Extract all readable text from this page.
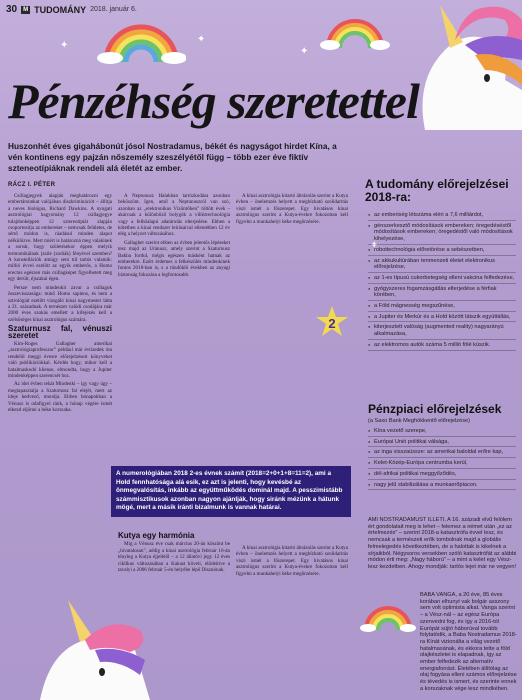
30	M TUDOMÁNY 2018. január 6.
✦
✦
✦
✦
Pénzéhség szeretettel
Huszonhét éves gigahábonút jósol Nostradamus, békét és nagyságot hirdet Kína, a vén kontinens egy pajzán nőszemély szeszélyétől függ – több ezer éve fiktív szteneotípiáknak rendeli alá életét az ember.
RÁCZ I. PÉTER

Csillagjegyek alapján meghatározni egy embertársunkat valójában diszkriminációt – állítja a neves biológus, Richard Dawkins. A nyugati asztrológiai hagyomány 12 csillagjegye tulajdonképpen 12 sztereotípiát alapján csoportosítja az embereket – nemcsak felületes, de sértő módon is, ráadásul minden alapot nélkülözve. Mert miért is határozná meg valakinek a sorsát, hogy születésekor éppen melyik termomikálnak (zsile (zodiák) fényével szemben? A konstellációk amúgy sem túl tartós valamik: millió évvel ezelőtt az egyik emberős, a Homo erectus egészen más csillagképet figyelhetett meg egy derült, éjszakai égen.

Persze nem mindenkit zavar a csillagok összevisszasága: minő Homo sapiens, és nem a sztrológiát ezelőtt vizsgáló kínai nagymester látta a 21. századnak. A ternészet valódi csodájára már 2000 éves szokás emellett a kifejezés kell a szélsőséges kínai asztrológus számára.

Szaturnusz fal, vénuszi szeretet

Kim-Roges Gallagher amerikai „asztrológiaprofesszor” például már évtizedek óta rendelöl meggi évesre előrejelzéseit könyveket való publikációkkal. Kérdés hogy, mikor kell a hatalmaskodó kliense, elmondta, hogy a Jupiter mindenképpen szerencsét hoz.

Az idei évben tehát Mindenki – így vagy úgy – megtapasztalja a Szaturnusz fal elejét, mert az ideje kedvező, mondja. Ebben hónapokban a Vénusz is odafigyel ránk, a hónap végére ismét elkezd eljönni a béke korszaka.

A Neptunusz Halakban tartózkodása azonban beköszönt. Igen, amíl a Neptunuszról van szó, azonban az „elektronikus Vízöntőben” töltött évek – akárcsak a különböző bolygók a villéztechnológia vagy a felhőalapú adatárolás elterjedése. Ebben a kötetben a kínai rendszer leírásaival ellentétben 12 év elég a helyzet változásához.

Gallagher szerint ebben az évben jelentős lépéseket tesz majd az Uránusz, amely szerint a Szaturnusz Bakba fordul, mégis egészen másként hatnak az emberekre. Ezért érdemes a felkészülés mindenkinek fontos 2018-ban is, s a tündöklő években az anyagi biztonság fokozása a legfontosabb.

A kínai asztrológia kitartó ábrázolás szerint a Kutya évben – önelemzés helyett a megbízható szolidaritás viszi ismét a főszerepet. Egy hivatásos kínai asztrológus szerint a Kutya-évekre fokozottan kell figyelni a munkahelyi béke megőrzésére.

A numerológiában 2018 2-es évnek számít (2018=2+0+1+8=11=2), ami a Hold fennhatósága alá esik, ez azt is jelenti, hogy kevésbé az önmegvalósítás, inkább az együttműködés dominál majd. A pesszimistább számmisztikusok azonban nagyon ajánlják, hogy siránk mézünk a hátunk mögé, mert a másik iránti bizalmunk is vannak határai.
Kutya egy harmónia

Míg a Vénusz éve csak március 20-án köszönt be „hivatalosan”, addig a kínai asztrológia február 16-án tényleg a Kutya éjjelétől – a 12 állatövi jegy 12 éves ciklikus változásában a Kakast követi, elődeitive a tavalyi a 2006 február 5-én helyébe lépő Disznónak.

A kínai asztrológia kitartó ábrázolás szerint a Kutya évben – önelemzés helyett a megbízható szolidaritás viszi ismét a főszerepet. Egy hivatásos kínai asztrológus szerint a Kutya-évekre fokozottan kell figyelni a munkahelyi béke megőrzésére.

2
A tudomány előrejelzései 2018-ra:
● az emberiség létszáma eléri a 7,6 milliárdot,
● génszerkesztő módosítások embereken; öregedéséstől módosítások embereken; öregedéstől való módosítások kihelyezése,
● robottechnológia előretörése a sebészetben,
● az akkukultúrában tenmenzeti életet elektronikus előrejelzése,
● az 1-es típusú cukorbetegség elleni vakcina felfedezése,
● gyógyszeres fogamzásgátlás elterjedése a férfiak körében,
● a Föld mágnesség megszűnése,
● a Jupiter és Merkúr és a Hold között látszik együttállás,
● kiterjesztett valóság (augmented reality) nagyarányú alkalmazása,
● az elektromos autók száma 5 millió fölé kúszik.
Pénzpiaci előrejelzések
(a Saxo Bank Meghökkentő előrejelzése)
● Kína vezető szerepe,
● Európai Unió politikai válsága,
● az inga visszaüssze: az amerikai baloldal erőre kap,
● Kelet-Közép-Európa centrumba kerül,
● dél-afrikai politikai meggyőződés,
● nagy jelű stabilizálása a munkaerőpiacon.
AMI NOSTRADAMUST ILLETI, A 16. századi elvű felölem ért gondolatait meg is lehet – felemez a német után „ez az értelmezés” – szerint 2018-a katasztrófa évvel lesz, és nemcsak a természeti erők tombolnak majd a globális felmelegedés következtében, de a halottak is kikelnek a sírjaikból. Négysoros versekben szóló katasztrófát az alábbi módon érti meg: „Nagy háború” – a mint a kelet egy Vész-lesz kezdetben. Ahogy mondják: tartós tejet már ne vegyen!
BABA VANGA, a 20 éve, 85 éves korában elhunyt vak bolgár asszony sem volt optimista alkat. Vanga szerint – a Vész-nál – az egész Európa szenvedni fog, és így a 2016-tól Európát sújtó háborúval tovább folytatódik, a Baba Nostradamus 2018-ra Kínát vizionálta a világ vezető hatalmasának, és ekkora tette a föld olajkészletei is elapadnak, így az ember felfedezik az alternatív energiaforrást. Életében állítólag az olaj fogyása elleni számos előrejelzése és tévedés is ismert, és szerinte ennek a korszaknak vége lesz mindkében.
